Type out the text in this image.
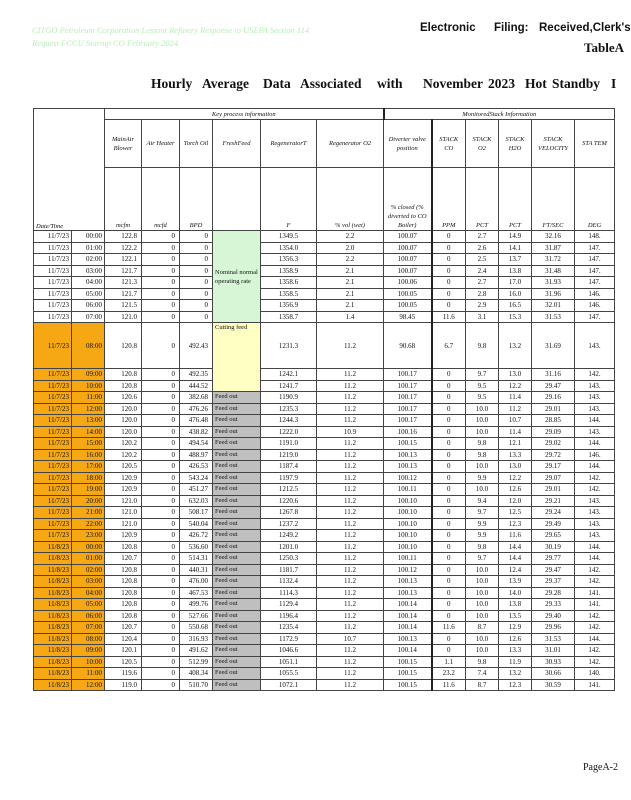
CITGO Petroleum Corporation Lemont Refinery Response to USEPA Section 114 Request FCCU Startup CO February 2024
Electronic Filing: Received,Clerk's
TableA
Hourly Average Data Associated with November 2023 Hot Standby I
Date/Time		Key process information						MonitoredStack Information					
		MainAir Blower	Air Heater	Torch Oil	FreshFeed	RegeneratorT	Regenerator O2	Diverter valve position	STACK CO	STACK O2	STACK H2O	STACK VELOCITY	STA TEM
		mcfm	mcfd	BPD		F	% vol (wet)	% closed (% diverted to CO Boiler)	PPM	PCT	PCT	FT/SEC	DEG
11/7/23	00:00	122.8	0	0	Nominal normal operating rate	1349.5	2.2	100.07	0	2.7	14.9	32.16	148.
11/7/23	01:00	122.2	0	0		1354.0	2.0	100.07	0	2.6	14.1	31.87	147.
11/7/23	02:00	122.1	0	0		1356.3	2.2	100.07	0	2.5	13.7	31.72	147.
11/7/23	03:00	121.7	0	0		1358.9	2.1	100.07	0	2.4	13.8	31.48	147.
11/7/23	04:00	121.3	0	0		1358.6	2.1	100.06	0	2.7	17.0	31.93	147.
11/7/23	05:00	121.7	0	0		1358.5	2.1	100.05	0	2.8	16.0	31.96	146.
11/7/23	06:00	121.5	0	0		1356.9	2.1	100.05	0	2.9	16.5	32.01	146.
11/7/23	07:00	121.0	0	0		1358.7	1.4	98.45	11.6	3.1	15.3	31.53	147.
11/7/23	08:00	120.8	0	492.43	Cutting feed	1231.3	11.2	90.68	6.7	9.8	13.2	31.69	143.
11/7/23	09:00	120.8	0	492.35		1242.1	11.2	100.17	0	9.7	13.0	31.16	142.
11/7/23	10:00	120.8	0	444.52		1241.7	11.2	100.17	0	9.5	12.2	29.47	143.
11/7/23	11:00	120.6	0	382.68	Feed out	1190.9	11.2	100.17	0	9.5	11.4	29.16	143.
11/7/23	12:00	120.0	0	476.26	Feed out	1235.3	11.2	100.17	0	10.0	11.2	29.01	143.
11/7/23	13:00	120.0	0	476.48	Feed out	1244.3	11.2	100.17	0	10.0	10.7	28.85	144.
11/7/23	14:00	120.0	0	438.82	Feed out	1222.0	10.9	100.16	0	10.0	11.4	29.09	143.
11/7/23	15:00	120.2	0	494.54	Feed out	1191.0	11.2	100.15	0	9.8	12.1	29.02	144.
11/7/23	16:00	120.2	0	488.97	Feed out	1219.0	11.2	100.13	0	9.8	13.3	29.72	146.
11/7/23	17:00	120.5	0	426.53	Feed out	1187.4	11.2	100.13	0	10.0	13.0	29.17	144.
11/7/23	18:00	120.9	0	543.24	Feed out	1197.9	11.2	100.12	0	9.9	12.2	29.07	142.
11/7/23	19:00	120.9	0	451.27	Feed out	1212.5	11.2	100.11	0	10.0	12.6	29.01	142.
11/7/23	20:00	121.0	0	632.03	Feed out	1220.6	11.2	100.10	0	9.4	12.0	29.21	143.
11/7/23	21:00	121.0	0	508.17	Feed out	1267.8	11.2	100.10	0	9.7	12.5	29.24	143.
11/7/23	22:00	121.0	0	540.04	Feed out	1237.2	11.2	100.10	0	9.9	12.3	29.49	143.
11/7/23	23:00	120.9	0	426.72	Feed out	1249.2	11.2	100.10	0	9.9	11.6	29.65	143.
11/8/23	00:00	120.8	0	536.60	Feed out	1201.0	11.2	100.10	0	9.8	14.4	30.19	144.
11/8/23	01:00	120.7	0	514.31	Feed out	1250.3	11.2	100.11	0	9.7	14.4	29.77	144.
11/8/23	02:00	120.8	0	440.31	Feed out	1181.7	11.2	100.12	0	10.0	12.4	29.47	142.
11/8/23	03:00	120.8	0	476.00	Feed out	1132.4	11.2	100.13	0	10.0	13.9	29.37	142.
11/8/23	04:00	120.8	0	467.53	Feed out	1114.3	11.2	100.13	0	10.0	14.0	29.28	141.
11/8/23	05:00	120.8	0	499.76	Feed out	1129.4	11.2	100.14	0	10.0	13.8	29.33	141.
11/8/23	06:00	120.8	0	527.66	Feed out	1196.4	11.2	100.14	0	10.0	13.5	29.40	142.
11/8/23	07:00	120.7	0	550.68	Feed out	1235.4	11.2	100.14	11.6	8.7	12.9	29.96	142.
11/8/23	08:00	120.4	0	316.93	Feed out	1172.9	10.7	100.13	0	10.0	12.6	31.53	144.
11/8/23	09:00	120.1	0	491.62	Feed out	1046.6	11.2	100.14	0	10.0	13.3	31.01	142.
11/8/23	10:00	120.5	0	512.99	Feed out	1051.1	11.2	100.15	1.1	9.8	11.9	30.93	142.
11/8/23	11:00	119.6	0	408.34	Feed out	1055.5	11.2	100.15	23.2	7.4	13.2	30.66	140.
11/8/23	12:00	119.0	0	510.70	Feed out	1072.1	11.2	100.15	11.6	8.7	12.3	30.59	141.
PageA-2
